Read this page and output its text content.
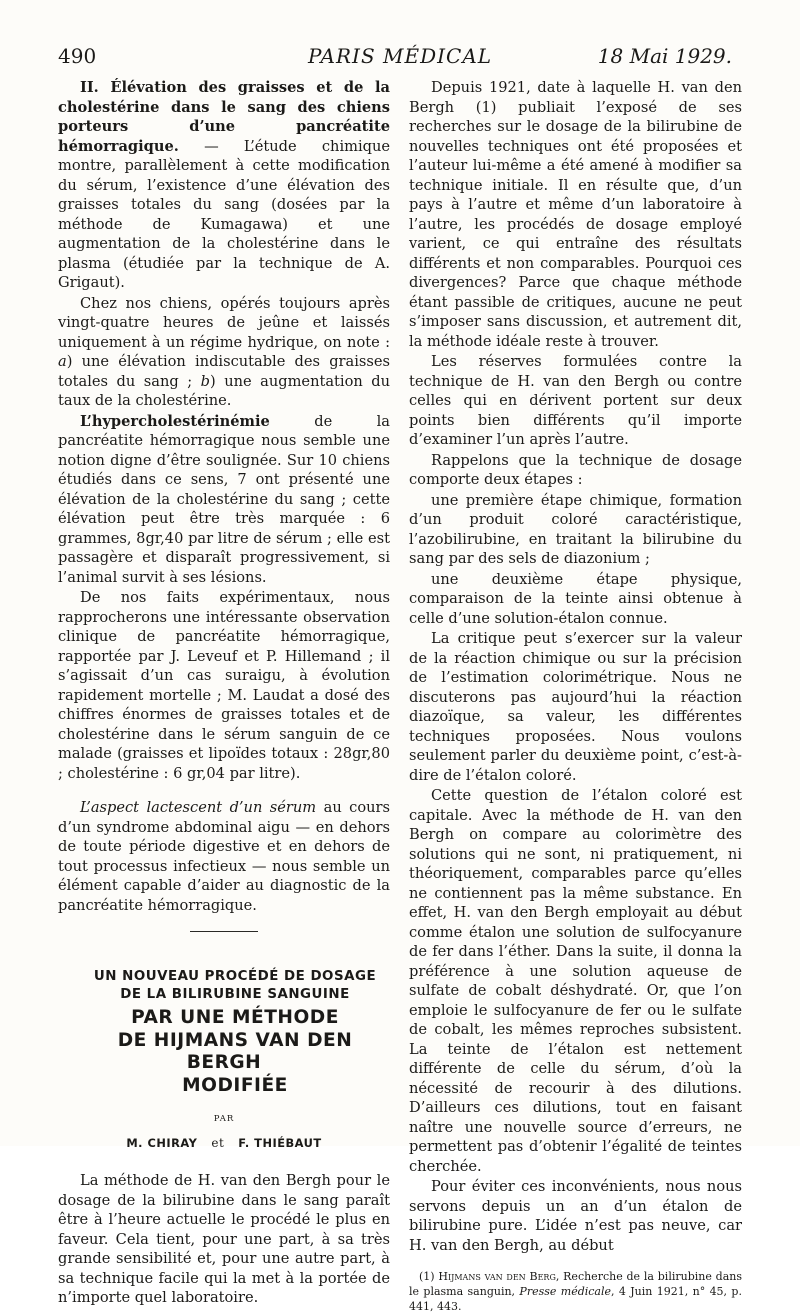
490	PARIS MÉDICAL	18 Mai 1929.

II. Élévation des graisses et de la cholestérine dans le sang des chiens porteurs d’une pancréatite hémorragique. — L’étude chimique montre, parallèlement à cette modification du sérum, l’existence d’une élévation des graisses totales du sang (dosées par la méthode de Kumagawa) et une augmentation de la cholestérine dans le plasma (étudiée par la technique de A. Grigaut).

Chez nos chiens, opérés toujours après vingt-quatre heures de jeûne et laissés uniquement à un régime hydrique, on note : a) une élévation indiscutable des graisses totales du sang ; b) une augmentation du taux de la cholestérine.

L’hypercholestérinémie de la pancréatite hémorragique nous semble une notion digne d’être soulignée. Sur 10 chiens étudiés dans ce sens, 7 ont présenté une élévation de la cholestérine du sang ; cette élévation peut être très marquée : 6 grammes, 8gr,40 par litre de sérum ; elle est passagère et disparaît progressivement, si l’animal survit à ses lésions.

De nos faits expérimentaux, nous rapprocherons une intéressante observation clinique de pancréatite hémorragique, rapportée par J. Leveuf et P. Hillemand ; il s’agissait d’un cas suraigu, à évolution rapidement mortelle ; M. Laudat a dosé des chiffres énormes de graisses totales et de cholestérine dans le sérum sanguin de ce malade (graisses et lipoïdes totaux : 28gr,80 ; cholestérine : 6 gr,04 par litre).

L’aspect lactescent d’un sérum au cours d’un syndrome abdominal aigu — en dehors de toute période digestive et en dehors de tout processus infectieux — nous semble un élément capable d’aider au diagnostic de la pancréatite hémorragique.

UN NOUVEAU PROCÉDÉ DE DOSAGE

DE LA BILIRUBINE SANGUINE

PAR UNE MÉTHODE

DE HIJMANS VAN DEN BERGH

MODIFIÉE

PAR
M. CHIRAY et F. THIÉBAUT

La méthode de H. van den Bergh pour le dosage de la bilirubine dans le sang paraît être à l’heure actuelle le procédé le plus en faveur. Cela tient, pour une part, à sa très grande sensibilité et, pour une autre part, à sa technique facile qui la met à la portée de n’importe quel laboratoire.

Depuis 1921, date à laquelle H. van den Bergh (1) publiait l’exposé de ses recherches sur le dosage de la bilirubine de nouvelles techniques ont été proposées et l’auteur lui-même a été amené à modifier sa technique initiale. Il en résulte que, d’un pays à l’autre et même d’un laboratoire à l’autre, les procédés de dosage employé varient, ce qui entraîne des résultats différents et non comparables. Pourquoi ces divergences? Parce que chaque méthode étant passible de critiques, aucune ne peut s’imposer sans discussion, et autrement dit, la méthode idéale reste à trouver.

Les réserves formulées contre la technique de H. van den Bergh ou contre celles qui en dérivent portent sur deux points bien différents qu’il importe d’examiner l’un après l’autre.

Rappelons que la technique de dosage comporte deux étapes :

une première étape chimique, formation d’un produit coloré caractéristique, l’azobilirubine, en traitant la bilirubine du sang par des sels de diazonium ;

une deuxième étape physique, comparaison de la teinte ainsi obtenue à celle d’une solution-étalon connue.

La critique peut s’exercer sur la valeur de la réaction chimique ou sur la précision de l’estimation colorimétrique. Nous ne discuterons pas aujourd’hui la réaction diazoïque, sa valeur, les différentes techniques proposées. Nous voulons seulement parler du deuxième point, c’est-à-dire de l’étalon coloré.

Cette question de l’étalon coloré est capitale. Avec la méthode de H. van den Bergh on compare au colorimètre des solutions qui ne sont, ni pratiquement, ni théoriquement, comparables parce qu’elles ne contiennent pas la même substance. En effet, H. van den Bergh employait au début comme étalon une solution de sulfocyanure de fer dans l’éther. Dans la suite, il donna la préférence à une solution aqueuse de sulfate de cobalt déshydraté. Or, que l’on emploie le sulfocyanure de fer ou le sulfate de cobalt, les mêmes reproches subsistent. La teinte de l’étalon est nettement différente de celle du sérum, d’où la nécessité de recourir à des dilutions. D’ailleurs ces dilutions, tout en faisant naître une nouvelle source d’erreurs, ne permettent pas d’obtenir l’égalité de teintes cherchée.

Pour éviter ces inconvénients, nous nous servons depuis un an d’un étalon de bilirubine pure. L’idée n’est pas neuve, car H. van den Bergh, au début

(1) Hijmans van den Berg, Recherche de la bilirubine dans le plasma sanguin, Presse médicale, 4 Juin 1921, n° 45, p. 441, 443.
